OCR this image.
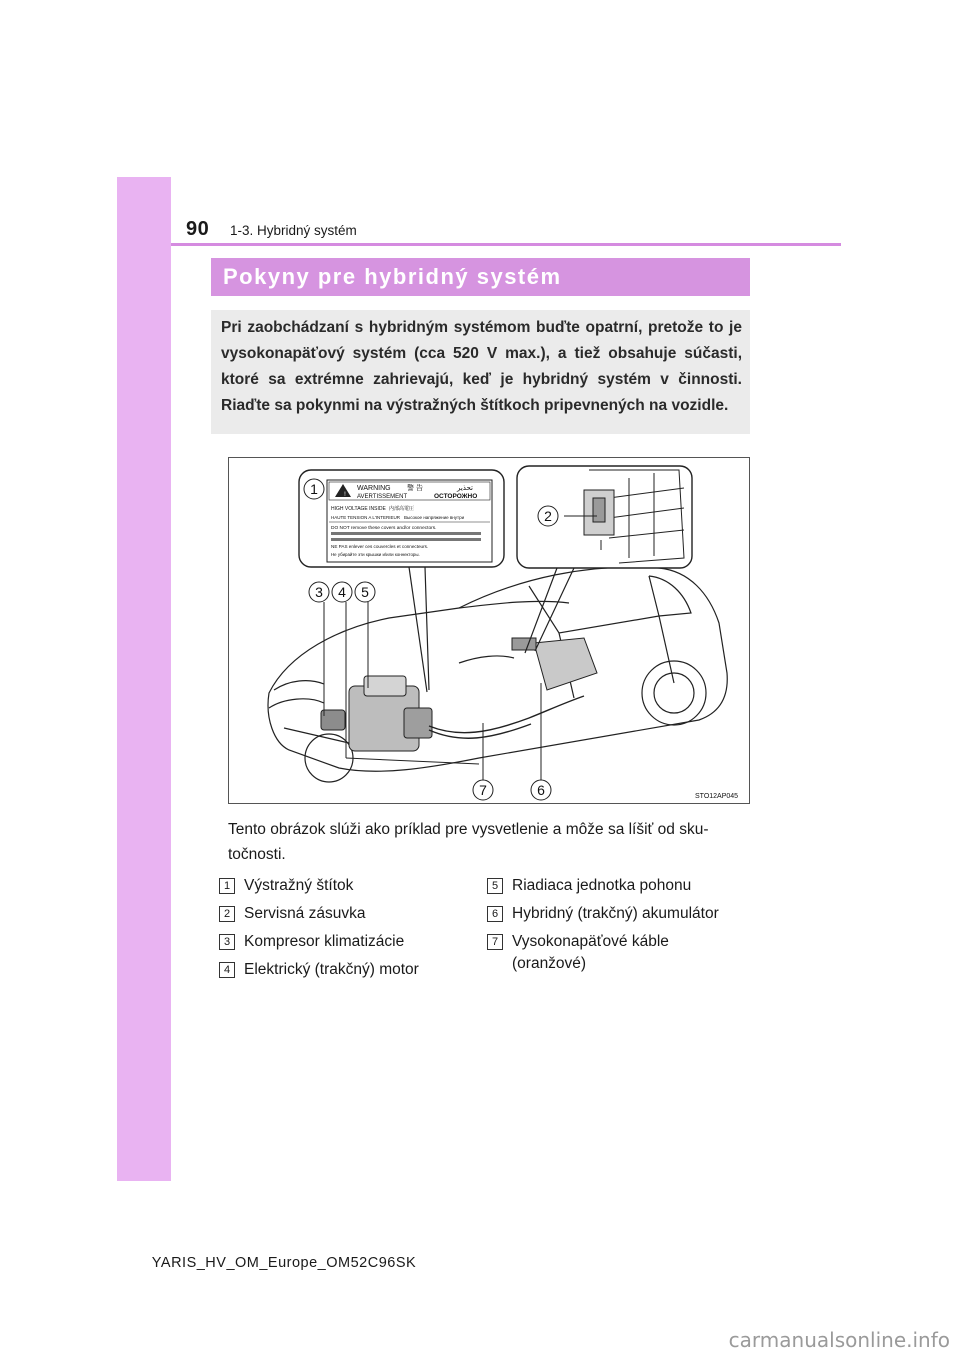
90 1-3. Hybridný systém
Pokyny pre hybridný systém

Pri zaobchádzaní s hybridným systémom buďte opatrní, pretože to je vysokonapäťový systém (cca 520 V max.), a tiež obsahuje súčasti, ktoré sa extrémne zahrievajú, keď je hybridný systém v činnosti. Riaďte sa pokynmi na výstražných štítkoch pripevnených na vozidle.

!
WARNING 警 告	تحذير
AVERTISSEMENT	ОСТОРОЖНО
HIGH VOLTAGE INSIDE 内部高電圧
HAUTE TENSION A L'INTERIEUR Высокое напряжение внутри
DO NOT remove these covers and/or connectors.
NE PAS enlever ces couvercles et connecteurs.
Не убирайте эти крышки и/или коннекторы.
1
2
3 4 5
6
7	STO12AP045
Tento obrázok slúži ako príklad pre vysvetlenie a môže sa líšiť od skutočnosti.
1 Výstražný štítok
2 Servisná zásuvka
3 Kompresor klimatizácie
4 Elektrický (trakčný) motor
5 Riadiaca jednotka pohonu
6 Hybridný (trakčný) akumulátor
7 Vysokonapäťové káble (oranžové)
YARIS_HV_OM_Europe_OM52C96SK
carmanualsonline.info
